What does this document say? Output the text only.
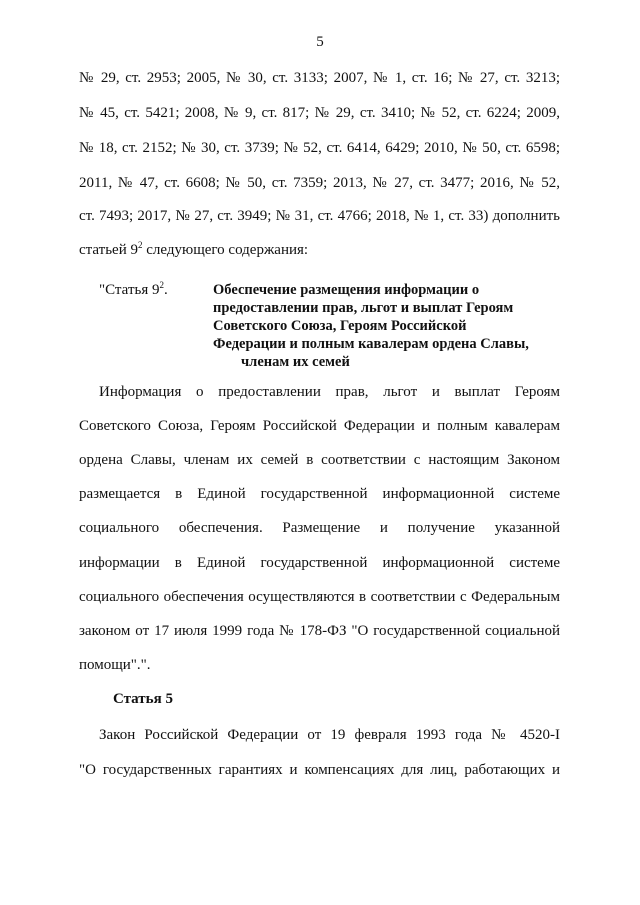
5
№ 29, ст. 2953; 2005, № 30, ст. 3133; 2007, № 1, ст. 16; № 27, ст. 3213;
№ 45, ст. 5421; 2008, № 9, ст. 817; № 29, ст. 3410; № 52, ст. 6224; 2009,
№ 18, ст. 2152; № 30, ст. 3739; № 52, ст. 6414, 6429; 2010, № 50, ст. 6598;
2011, № 47, ст. 6608; № 50, ст. 7359; 2013, № 27, ст. 3477; 2016, № 52,
ст. 7493; 2017, № 27, ст. 3949; № 31, ст. 4766; 2018, № 1, ст. 33) дополнить
статьей $9^2$ следующего содержания:
"Статья $9^2$.	Обеспечение размещения информации о
предоставлении прав, льгот и выплат Героям
Советского Союза, Героям Российской
Федерации и полным кавалерам ордена Славы,
членам их семей
Информация о предоставлении прав, льгот и выплат Героям
Советского Союза, Героям Российской Федерации и полным кавалерам
ордена Славы, членам их семей в соответствии с настоящим Законом
размещается в Единой государственной информационной системе
социального обеспечения. Размещение и получение указанной
информации в Единой государственной информационной системе
социального обеспечения осуществляются в соответствии с Федеральным
законом от 17 июля 1999 года № 178-ФЗ "О государственной социальной
помощи".".
Статья 5
Закон Российской Федерации от 19 февраля 1993 года № 4520-I
"О государственных гарантиях и компенсациях для лиц, работающих и
